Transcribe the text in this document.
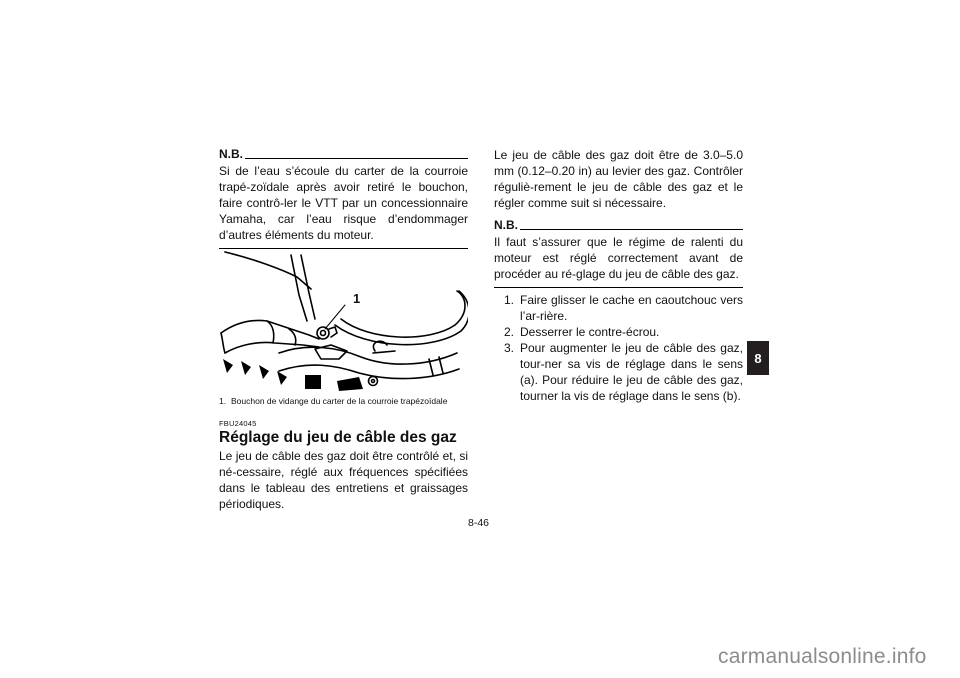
N.B.
Si de l’eau s’écoule du carter de la courroie trapé-zoïdale après avoir retiré le bouchon, faire contrô-ler le VTT par un concessionnaire Yamaha, car l’eau risque d’endommager d’autres éléments du moteur.
1
1. Bouchon de vidange du carter de la courroie trapézoïdale
FBU24045
Réglage du jeu de câble des gaz
Le jeu de câble des gaz doit être contrôlé et, si né-cessaire, réglé aux fréquences spécifiées dans le tableau des entretiens et graissages périodiques.
Le jeu de câble des gaz doit être de 3.0–5.0 mm (0.12–0.20 in) au levier des gaz. Contrôler réguliè-rement le jeu de câble des gaz et le régler comme suit si nécessaire.
N.B.
Il faut s’assurer que le régime de ralenti du moteur est réglé correctement avant de procéder au ré-glage du jeu de câble des gaz.
1. Faire glisser le cache en caoutchouc vers l’ar-rière.
2. Desserrer le contre-écrou.
3. Pour augmenter le jeu de câble des gaz, tour-ner sa vis de réglage dans le sens (a). Pour réduire le jeu de câble des gaz, tourner la vis de réglage dans le sens (b).
8
8-46
carmanualsonline.info
